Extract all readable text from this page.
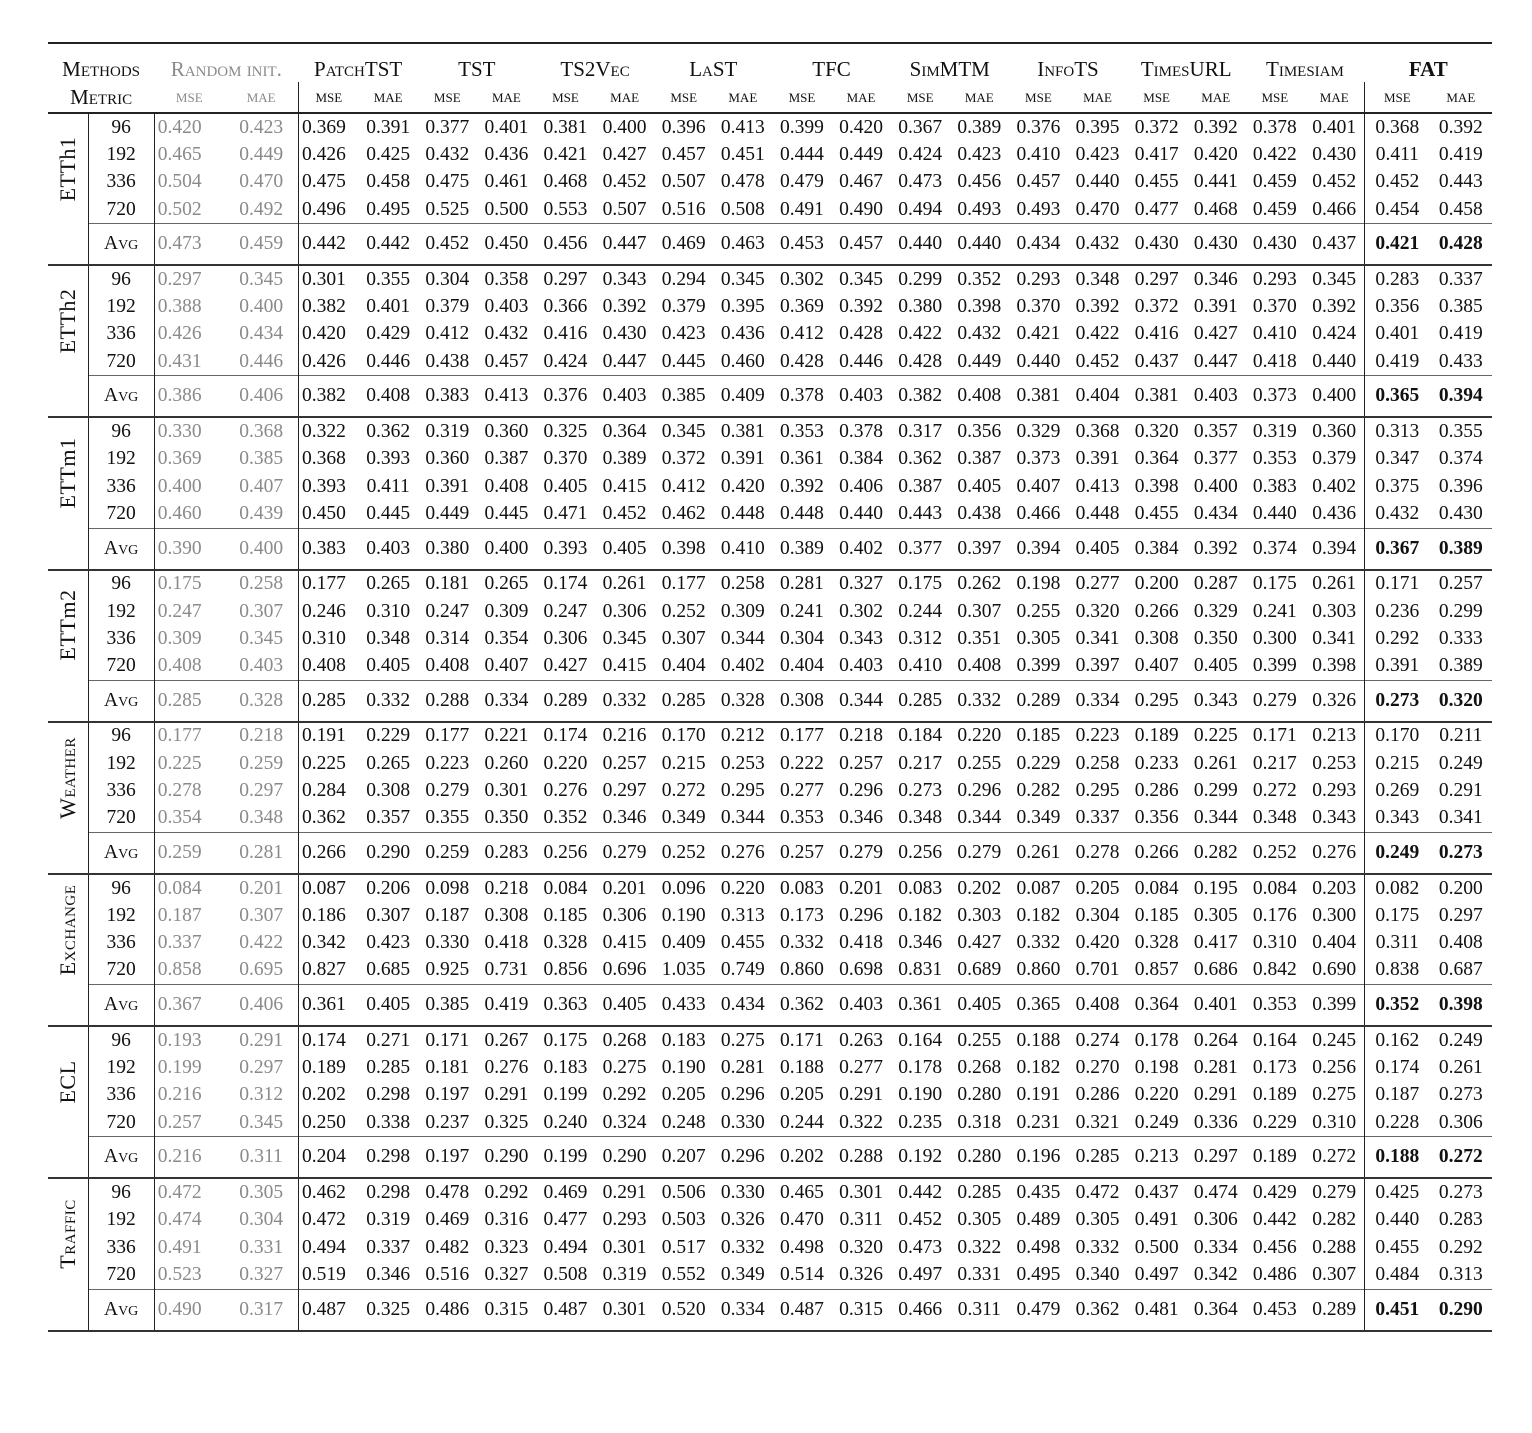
Methods		Random init.		PatchTST		TST		TS2Vec		LaST		TFC		SimMTM		InfoTS		TimesURL		Timesiam		FAT	
Metric		mse	mae	mse	mae	mse	mae	mse	mae	mse	mae	mse	mae	mse	mae	mse	mae	mse	mae	mse	mae	mse	mae

ETTh1	96	0.420	0.423	0.369	0.391	0.377	0.401	0.381	0.400	0.396	0.413	0.399	0.420	0.367	0.389	0.376	0.395	0.372	0.392	0.378	0.401	0.368	0.392
	192	0.465	0.449	0.426	0.425	0.432	0.436	0.421	0.427	0.457	0.451	0.444	0.449	0.424	0.423	0.410	0.423	0.417	0.420	0.422	0.430	0.411	0.419
	336	0.504	0.470	0.475	0.458	0.475	0.461	0.468	0.452	0.507	0.478	0.479	0.467	0.473	0.456	0.457	0.440	0.455	0.441	0.459	0.452	0.452	0.443
	720	0.502	0.492	0.496	0.495	0.525	0.500	0.553	0.507	0.516	0.508	0.491	0.490	0.494	0.493	0.493	0.470	0.477	0.468	0.459	0.466	0.454	0.458
	Avg	0.473	0.459	0.442	0.442	0.452	0.450	0.456	0.447	0.469	0.463	0.453	0.457	0.440	0.440	0.434	0.432	0.430	0.430	0.430	0.437	0.421	0.428

ETTh2	96	0.297	0.345	0.301	0.355	0.304	0.358	0.297	0.343	0.294	0.345	0.302	0.345	0.299	0.352	0.293	0.348	0.297	0.346	0.293	0.345	0.283	0.337
	192	0.388	0.400	0.382	0.401	0.379	0.403	0.366	0.392	0.379	0.395	0.369	0.392	0.380	0.398	0.370	0.392	0.372	0.391	0.370	0.392	0.356	0.385
	336	0.426	0.434	0.420	0.429	0.412	0.432	0.416	0.430	0.423	0.436	0.412	0.428	0.422	0.432	0.421	0.422	0.416	0.427	0.410	0.424	0.401	0.419
	720	0.431	0.446	0.426	0.446	0.438	0.457	0.424	0.447	0.445	0.460	0.428	0.446	0.428	0.449	0.440	0.452	0.437	0.447	0.418	0.440	0.419	0.433
	Avg	0.386	0.406	0.382	0.408	0.383	0.413	0.376	0.403	0.385	0.409	0.378	0.403	0.382	0.408	0.381	0.404	0.381	0.403	0.373	0.400	0.365	0.394

ETTm1	96	0.330	0.368	0.322	0.362	0.319	0.360	0.325	0.364	0.345	0.381	0.353	0.378	0.317	0.356	0.329	0.368	0.320	0.357	0.319	0.360	0.313	0.355
	192	0.369	0.385	0.368	0.393	0.360	0.387	0.370	0.389	0.372	0.391	0.361	0.384	0.362	0.387	0.373	0.391	0.364	0.377	0.353	0.379	0.347	0.374
	336	0.400	0.407	0.393	0.411	0.391	0.408	0.405	0.415	0.412	0.420	0.392	0.406	0.387	0.405	0.407	0.413	0.398	0.400	0.383	0.402	0.375	0.396
	720	0.460	0.439	0.450	0.445	0.449	0.445	0.471	0.452	0.462	0.448	0.448	0.440	0.443	0.438	0.466	0.448	0.455	0.434	0.440	0.436	0.432	0.430
	Avg	0.390	0.400	0.383	0.403	0.380	0.400	0.393	0.405	0.398	0.410	0.389	0.402	0.377	0.397	0.394	0.405	0.384	0.392	0.374	0.394	0.367	0.389

ETTm2	96	0.175	0.258	0.177	0.265	0.181	0.265	0.174	0.261	0.177	0.258	0.281	0.327	0.175	0.262	0.198	0.277	0.200	0.287	0.175	0.261	0.171	0.257
	192	0.247	0.307	0.246	0.310	0.247	0.309	0.247	0.306	0.252	0.309	0.241	0.302	0.244	0.307	0.255	0.320	0.266	0.329	0.241	0.303	0.236	0.299
	336	0.309	0.345	0.310	0.348	0.314	0.354	0.306	0.345	0.307	0.344	0.304	0.343	0.312	0.351	0.305	0.341	0.308	0.350	0.300	0.341	0.292	0.333
	720	0.408	0.403	0.408	0.405	0.408	0.407	0.427	0.415	0.404	0.402	0.404	0.403	0.410	0.408	0.399	0.397	0.407	0.405	0.399	0.398	0.391	0.389
	Avg	0.285	0.328	0.285	0.332	0.288	0.334	0.289	0.332	0.285	0.328	0.308	0.344	0.285	0.332	0.289	0.334	0.295	0.343	0.279	0.326	0.273	0.320

Weather	96	0.177	0.218	0.191	0.229	0.177	0.221	0.174	0.216	0.170	0.212	0.177	0.218	0.184	0.220	0.185	0.223	0.189	0.225	0.171	0.213	0.170	0.211
	192	0.225	0.259	0.225	0.265	0.223	0.260	0.220	0.257	0.215	0.253	0.222	0.257	0.217	0.255	0.229	0.258	0.233	0.261	0.217	0.253	0.215	0.249
	336	0.278	0.297	0.284	0.308	0.279	0.301	0.276	0.297	0.272	0.295	0.277	0.296	0.273	0.296	0.282	0.295	0.286	0.299	0.272	0.293	0.269	0.291
	720	0.354	0.348	0.362	0.357	0.355	0.350	0.352	0.346	0.349	0.344	0.353	0.346	0.348	0.344	0.349	0.337	0.356	0.344	0.348	0.343	0.343	0.341
	Avg	0.259	0.281	0.266	0.290	0.259	0.283	0.256	0.279	0.252	0.276	0.257	0.279	0.256	0.279	0.261	0.278	0.266	0.282	0.252	0.276	0.249	0.273

Exchange	96	0.084	0.201	0.087	0.206	0.098	0.218	0.084	0.201	0.096	0.220	0.083	0.201	0.083	0.202	0.087	0.205	0.084	0.195	0.084	0.203	0.082	0.200
	192	0.187	0.307	0.186	0.307	0.187	0.308	0.185	0.306	0.190	0.313	0.173	0.296	0.182	0.303	0.182	0.304	0.185	0.305	0.176	0.300	0.175	0.297
	336	0.337	0.422	0.342	0.423	0.330	0.418	0.328	0.415	0.409	0.455	0.332	0.418	0.346	0.427	0.332	0.420	0.328	0.417	0.310	0.404	0.311	0.408
	720	0.858	0.695	0.827	0.685	0.925	0.731	0.856	0.696	1.035	0.749	0.860	0.698	0.831	0.689	0.860	0.701	0.857	0.686	0.842	0.690	0.838	0.687
	Avg	0.367	0.406	0.361	0.405	0.385	0.419	0.363	0.405	0.433	0.434	0.362	0.403	0.361	0.405	0.365	0.408	0.364	0.401	0.353	0.399	0.352	0.398

ECL	96	0.193	0.291	0.174	0.271	0.171	0.267	0.175	0.268	0.183	0.275	0.171	0.263	0.164	0.255	0.188	0.274	0.178	0.264	0.164	0.245	0.162	0.249
	192	0.199	0.297	0.189	0.285	0.181	0.276	0.183	0.275	0.190	0.281	0.188	0.277	0.178	0.268	0.182	0.270	0.198	0.281	0.173	0.256	0.174	0.261
	336	0.216	0.312	0.202	0.298	0.197	0.291	0.199	0.292	0.205	0.296	0.205	0.291	0.190	0.280	0.191	0.286	0.220	0.291	0.189	0.275	0.187	0.273
	720	0.257	0.345	0.250	0.338	0.237	0.325	0.240	0.324	0.248	0.330	0.244	0.322	0.235	0.318	0.231	0.321	0.249	0.336	0.229	0.310	0.228	0.306
	Avg	0.216	0.311	0.204	0.298	0.197	0.290	0.199	0.290	0.207	0.296	0.202	0.288	0.192	0.280	0.196	0.285	0.213	0.297	0.189	0.272	0.188	0.272

Traffic	96	0.472	0.305	0.462	0.298	0.478	0.292	0.469	0.291	0.506	0.330	0.465	0.301	0.442	0.285	0.435	0.472	0.437	0.474	0.429	0.279	0.425	0.273
	192	0.474	0.304	0.472	0.319	0.469	0.316	0.477	0.293	0.503	0.326	0.470	0.311	0.452	0.305	0.489	0.305	0.491	0.306	0.442	0.282	0.440	0.283
	336	0.491	0.331	0.494	0.337	0.482	0.323	0.494	0.301	0.517	0.332	0.498	0.320	0.473	0.322	0.498	0.332	0.500	0.334	0.456	0.288	0.455	0.292
	720	0.523	0.327	0.519	0.346	0.516	0.327	0.508	0.319	0.552	0.349	0.514	0.326	0.497	0.331	0.495	0.340	0.497	0.342	0.486	0.307	0.484	0.313
	Avg	0.490	0.317	0.487	0.325	0.486	0.315	0.487	0.301	0.520	0.334	0.487	0.315	0.466	0.311	0.479	0.362	0.481	0.364	0.453	0.289	0.451	0.290
